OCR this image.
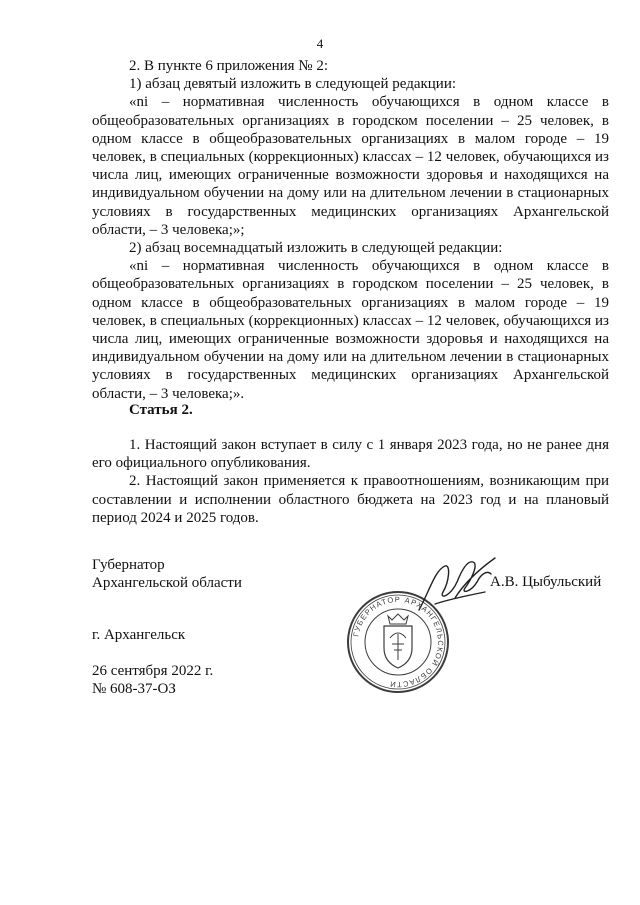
4

2. В пункте 6 приложения № 2:

1) абзац девятый изложить в следующей редакции:

«ni – нормативная численность обучающихся в одном классе в общеобразовательных организациях в городском поселении – 25 человек, в одном классе в общеобразовательных организациях в малом городе – 19 человек, в специальных (коррекционных) классах – 12 человек, обучающихся из числа лиц, имеющих ограниченные возможности здоровья и находящихся на индивидуальном обучении на дому или на длительном лечении в стационарных условиях в государственных медицинских организациях Архангельской области, – 3 человека;»;

2) абзац восемнадцатый изложить в следующей редакции:

«ni – нормативная численность обучающихся в одном классе в общеобразовательных организациях в городском поселении – 25 человек, в одном классе в общеобразовательных организациях в малом городе – 19 человек, в специальных (коррекционных) классах – 12 человек, обучающихся из числа лиц, имеющих ограниченные возможности здоровья и находящихся на индивидуальном обучении на дому или на длительном лечении в стационарных условиях в государственных медицинских организациях Архангельской области, – 3 человека;».

Статья 2.

1. Настоящий закон вступает в силу с 1 января 2023 года, но не ранее дня его официального опубликования.

2. Настоящий закон применяется к правоотношениям, возникающим при составлении и исполнении областного бюджета на 2023 год и на плановый период 2024 и 2025 годов.

Губернатор
Архангельской области	А.В. Цыбульский
г. Архангельск
26 сентября 2022 г.
№ 608-37-ОЗ
ГУБЕРНАТОР АРХАНГЕЛЬСКОЙ ОБЛАСТИ
